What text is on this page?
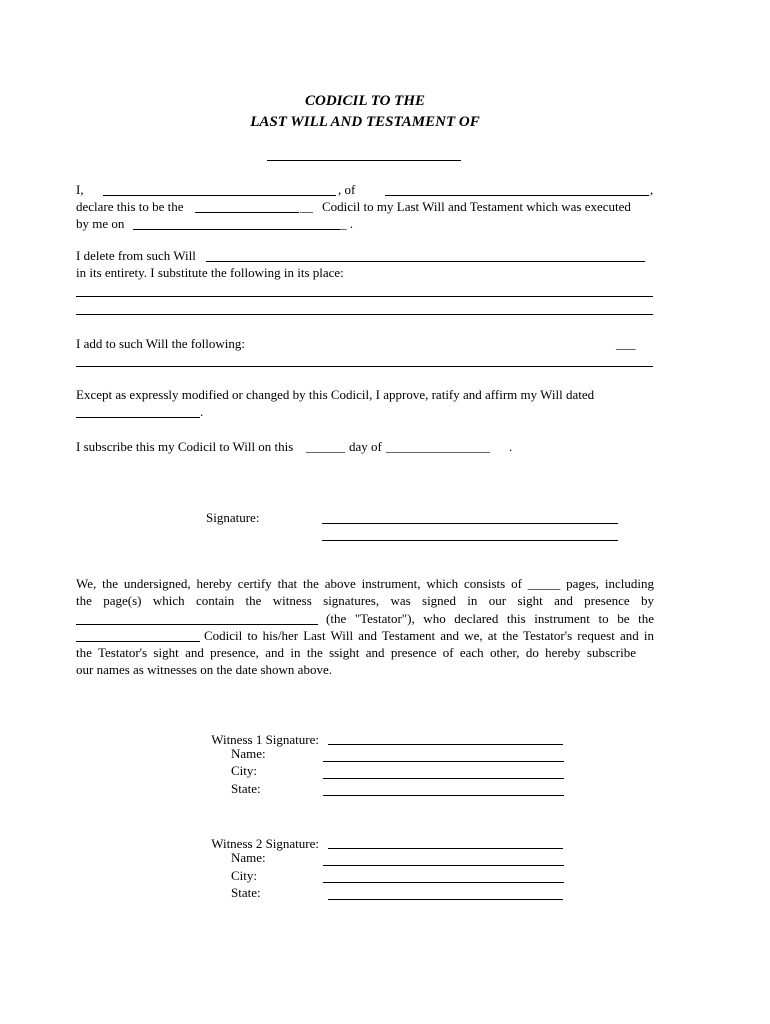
CODICIL TO THE
LAST WILL AND TESTAMENT OF
I,	, of	,
declare this to be the	__ Codicil to my Last Will and Testament which was executed
by me on	_ .
I delete from such Will
in its entirety. I substitute the following in its place:
I add to such Will the following:	___
Except as expressly modified or changed by this Codicil, I approve, ratify and affirm my Will dated
.
I subscribe this my Codicil to Will on this ______ day of ________________ .
Signature:
We, the undersigned, hereby certify that the above instrument, which consists of _____ pages, including
the page(s) which contain the witness signatures, was signed in our sight and presence by
(the "Testator"), who declared this instrument to be the
Codicil to his/her Last Will and Testament and we, at the Testator's request and in
the Testator's sight and presence, and in the ssight and presence of each other, do hereby subscribe
our names as witnesses on the date shown above.
Witness 1 Signature:
Name:
City:
State:
Witness 2 Signature:
Name:
City:
State:
